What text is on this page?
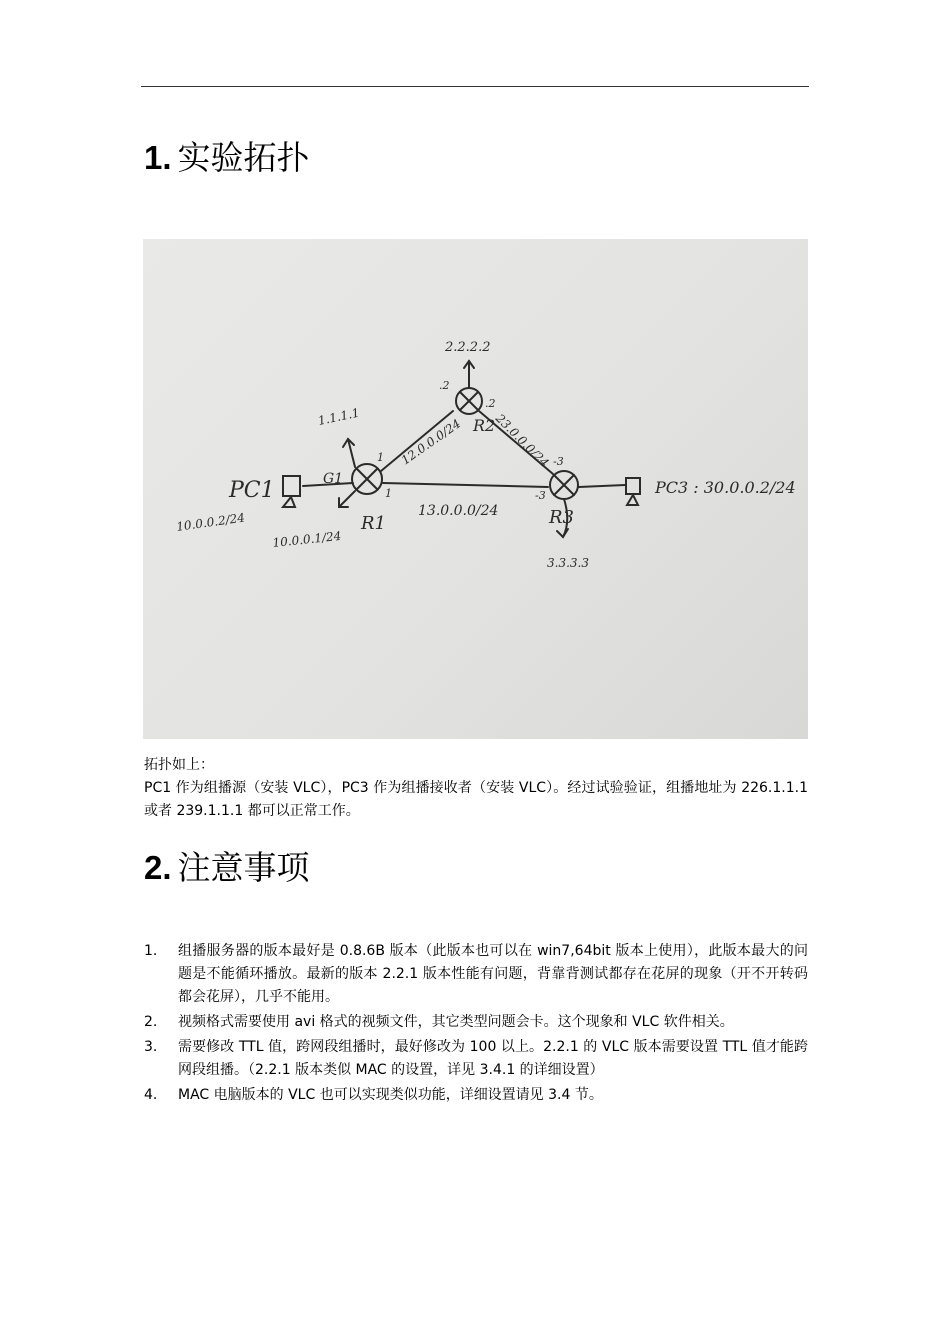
1. 实验拓扑
PC1
10.0.0.2/24
G1
R1
10.0.0.1/24
1.1.1.1
2.2.2.2
R2
R3
3.3.3.3
PC3 : 30.0.0.2/24
12.0.0.0/24 23.0.0.0/24
13.0.0.0/24
1
.2
.2
-3
1	-3

拓扑如上：

PC1 作为组播源（安装 VLC），PC3 作为组播接收者（安装 VLC）。经过试验验证，组播地址为 226.1.1.1 或者 239.1.1.1 都可以正常工作。

2. 注意事项
1. 组播服务器的版本最好是 0.8.6B 版本（此版本也可以在 win7,64bit 版本上使用），此版本最大的问题是不能循环播放。最新的版本 2.2.1 版本性能有问题，背靠背测试都存在花屏的现象（开不开转码都会花屏），几乎不能用。
2. 视频格式需要使用 avi 格式的视频文件，其它类型问题会卡。这个现象和 VLC 软件相关。
3. 需要修改 TTL 值，跨网段组播时，最好修改为 100 以上。2.2.1 的 VLC 版本需要设置 TTL 值才能跨网段组播。（2.2.1 版本类似 MAC 的设置，详见 3.4.1 的详细设置）
4. MAC 电脑版本的 VLC 也可以实现类似功能，详细设置请见 3.4 节。
